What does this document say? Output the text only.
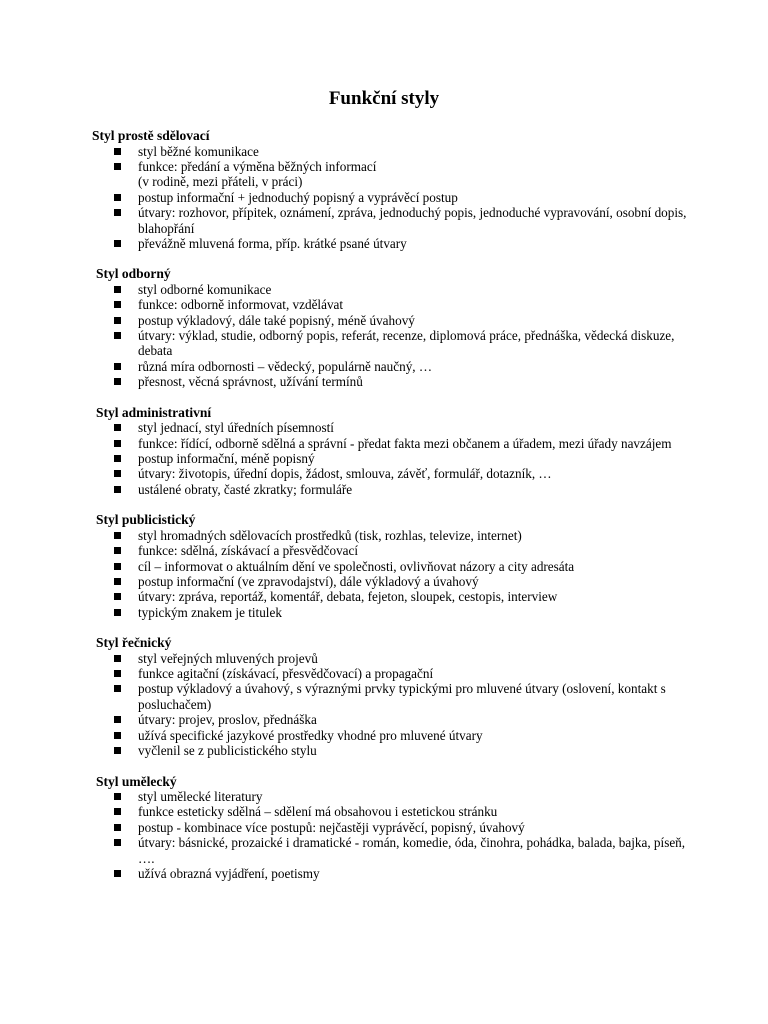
Funkční styly
Styl prostě sdělovací
styl běžné komunikace
funkce: předání a výměna běžných informací
(v rodině, mezi přáteli, v práci)
postup informační + jednoduchý popisný a vyprávěcí postup
útvary: rozhovor, přípitek, oznámení, zpráva, jednoduchý popis, jednoduché vypravování, osobní dopis, blahopřání
převážně mluvená forma, příp. krátké psané útvary
Styl odborný
styl odborné komunikace
funkce: odborně informovat, vzdělávat
postup výkladový, dále také popisný, méně úvahový
útvary: výklad, studie, odborný popis, referát, recenze, diplomová práce, přednáška, vědecká diskuze, debata
různá míra odbornosti – vědecký, populárně naučný, …
přesnost, věcná správnost, užívání termínů
Styl administrativní
styl jednací, styl úředních písemností
funkce: řídící, odborně sdělná a správní - předat fakta mezi občanem a úřadem, mezi úřady navzájem
postup informační, méně popisný
útvary: životopis, úřední dopis, žádost, smlouva, závěť, formulář, dotazník, …
ustálené obraty, časté zkratky; formuláře
Styl publicistický
styl hromadných sdělovacích prostředků (tisk, rozhlas, televize, internet)
funkce: sdělná, získávací a přesvědčovací
cíl – informovat o aktuálním dění ve společnosti, ovlivňovat názory a city adresáta
postup informační (ve zpravodajství), dále výkladový a úvahový
útvary: zpráva, reportáž, komentář, debata, fejeton, sloupek, cestopis, interview
typickým znakem je titulek
Styl řečnický
styl veřejných mluvených projevů
funkce agitační (získávací, přesvědčovací) a propagační
postup výkladový a úvahový, s výraznými prvky typickými pro mluvené útvary (oslovení, kontakt s posluchačem)
útvary: projev, proslov, přednáška
užívá specifické jazykové prostředky vhodné pro mluvené útvary
vyčlenil se z publicistického stylu
Styl umělecký
styl umělecké literatury
funkce esteticky sdělná – sdělení má obsahovou i estetickou stránku
postup - kombinace více postupů: nejčastěji vyprávěcí, popisný, úvahový
útvary: básnické, prozaické i dramatické - román, komedie, óda, činohra, pohádka, balada, bajka, píseň, ….
užívá obrazná vyjádření, poetismy
